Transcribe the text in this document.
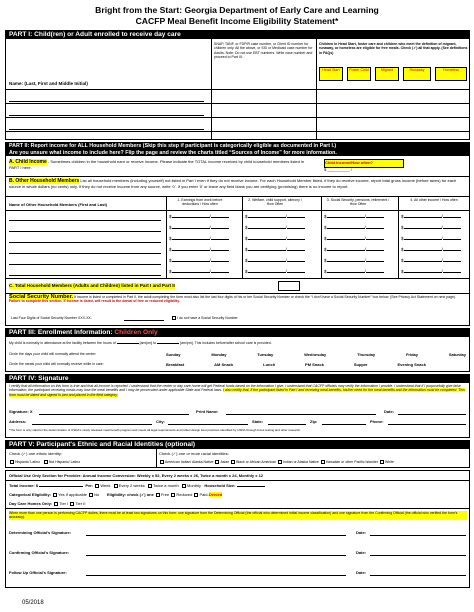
Bright from the Start: Georgia Department of Early Care and Learning
CACFP Meal Benefit Income Eligibility Statement*
PART I: Child(ren) or Adult enrolled to receive day care
Name: (Last, First and Middle Initial)
SNAP, TANF, or FDPIR case number, or Client ID number for children only. All the above, or SSI or Medicaid case number for Adults. Note: Do not use EBT numbers. Write case number and proceed to Part III.
Children in Head Start, foster care and children who meet the definition of migrant, runaway, or homeless are eligible for free meals. Check (✓) all that apply. (See definitions in FAQs)
Head Start	Foster Child	Migrant	Runaway	Homeless
PART II: Report income for ALL Household Members (Skip this step if participant is categorically eligible as documented in Part I.)
Are you unsure what income to include here? Flip the page and review the charts titled “Sources of Income” for more information.
A. Child Income - Sometimes children in the household earn or receive income. Please indicate the TOTAL income received by child household members listed in PART I here.
Child Income/How often?
$ __________ /
B. Other Household Members List all household members (including yourself) not listed in Part I even if they do not receive income. For each Household Member listed, if they do receive income, report total gross income (before taxes) for each source in whole dollars (no cents) only. If they do not receive income from any source, write ‘0’. If you enter ‘0’ or leave any field blank you are certifying (promising) there is no income to report.
Name of Other Household Members (First and Last)
1. Earnings from work before deductions / How often
2. Welfare, child support, alimony / How Often
3. Social Security, pensions, retirement / How Often
4. All other income / How often
$	/	$	/	$	/	$	/
$	/	$	/	$	/	$	/
$	/	$	/	$	/	$	/
$	/	$	/	$	/	$	/
$	/	$	/	$	/	$	/
$	/	$	/	$	/	$	/
C. Total Household Members (Adults and Children) listed in Part I and Part II
Social Security Number. If income is listed or completed in Part II, the adult completing the form must also list the last four digits of his or her Social Security Number or check the “I don’t have a Social Security Number” box below. (See Privacy Act Statement on next page). Failure to complete this section, if income is listed, will result in the denial of free or reduced eligibility.
Last Four Digits of Social Security Number XXX-XX-	I do not have a Social Security Number
PART III: Enrollment Information: Children Only
My child is normally in attendance at the facility between the hours of	[am/pm] to	[am/pm]. This includes before/after school care is provided.
Circle the days your child will normally attend the center:	Sunday	Monday	Tuesday	Wednesday	Thursday	Friday	Saturday
Circle the meals your child will normally receive while in care:	Breakfast	AM Snack	Lunch	PM Snack	Supper	Evening Snack
PART IV: Signature
I certify that all information on this form is true and that all income is reported. I understand that the center or day care home will get Federal funds based on the information I give. I understand that CACFP officials may verify the information I provide. I understand that if I purposefully give false information, the participant receiving meals may lose the meal benefits and I may be prosecuted under applicable State and Federal laws. I also certify that, if the participant listed in Part I and receiving meal benefits, his/her need for the meal benefits and the information must be completed. This form must be dated and signed in pen and placed in the field category.
Signature: X	Print Name:	Date:
Address:	City:	State:	Zip:	Phone:
*The form is only valid for the determination of USDA's newly released meal benefit program and meets all legal requirements and reflect design best practices identified by USDA through focus testing and other research.
PART V: Participant's Ethnic and Racial Identities (optional)
Check (✓) one ethnic identity:
Hispanic/ Latino	Not Hispanic/ Latino
Check (✓) one or more racial identities:
American Indian/ Alaska Native Asian Black or African American Indian or Alaska Native Hawaiian or other Pacific Islander White
Official Use Only Section for Provider: Annual Income Conversion: Weekly x 52, Every 2 weeks x 26, Twice a month x 24, Monthly x 12
Total Income: $	Per: Week Every 2 weeks Twice a month Monthly Household Size:
Categorical Eligibility: Yes if applicable No Eligibility: check (✓) one Free Reduced Paid-Denied
Day Care Homes Only: Tier I Tier II
When more than one person is performing CACFP duties, there must be at least two signatures on this form: one signature from the Determining Official (the official who determined initial income classification) and one signature from the Confirming Official (the official who verified the form's accuracy).
Determining Official's Signature:	Date:
Confirming Official's Signature:	Date:
Follow Up Official's Signature:	Date:
05/2018
